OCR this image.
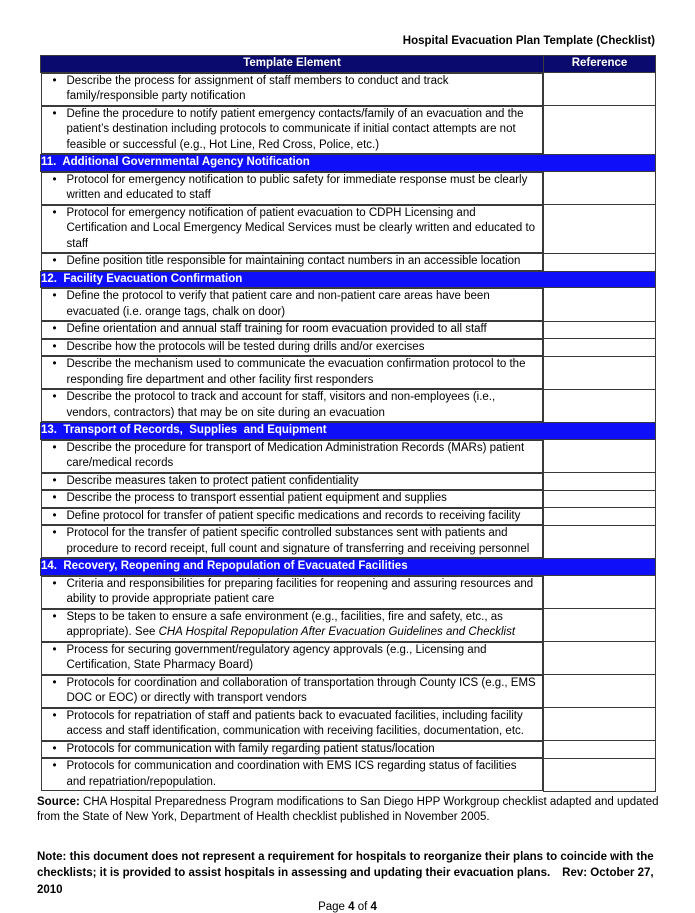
Hospital Evacuation Plan Template (Checklist)
Template Element	Reference

• Describe the process for assignment of staff members to conduct and track family/responsible party notification

• Define the procedure to notify patient emergency contacts/family of an evacuation and the patient’s destination including protocols to communicate if initial contact attempts are not feasible or successful (e.g., Hot Line, Red Cross, Police, etc.)

11.  Additional Governmental Agency Notification	

• Protocol for emergency notification to public safety for immediate response must be clearly written and educated to staff

• Protocol for emergency notification of patient evacuation to CDPH Licensing and Certification and Local Emergency Medical Services must be clearly written and educated to staff

• Define position title responsible for maintaining contact numbers in an accessible location

12.  Facility Evacuation Confirmation	

• Define the protocol to verify that patient care and non-patient care areas have been evacuated (i.e. orange tags, chalk on door)

• Define orientation and annual staff training for room evacuation provided to all staff

• Describe how the protocols will be tested during drills and/or exercises

• Describe the mechanism used to communicate the evacuation confirmation protocol to the responding fire department and other facility first responders

• Describe the protocol to track and account for staff, visitors and non-employees (i.e., vendors, contractors) that may be on site during an evacuation

13.  Transport of Records,  Supplies  and Equipment	

• Describe the procedure for transport of Medication Administration Records (MARs) patient care/medical records

• Describe measures taken to protect patient confidentiality

• Describe the process to transport essential patient equipment and supplies

• Define protocol for transfer of patient specific medications and records to receiving facility

• Protocol for the transfer of patient specific controlled substances sent with patients and procedure to record receipt, full count and signature of transferring and receiving personnel

14.  Recovery, Reopening and Repopulation of Evacuated Facilities	

• Criteria and responsibilities for preparing facilities for reopening and assuring resources and ability to provide appropriate patient care

• Steps to be taken to ensure a safe environment (e.g., facilities, fire and safety, etc., as appropriate). See CHA Hospital Repopulation After Evacuation Guidelines and Checklist

• Process for securing government/regulatory agency approvals (e.g., Licensing and Certification, State Pharmacy Board)

• Protocols for coordination and collaboration of transportation through County ICS (e.g., EMS DOC or EOC) or directly with transport vendors

• Protocols for repatriation of staff and patients back to evacuated facilities, including facility access and staff identification, communication with receiving facilities, documentation, etc.

• Protocols for communication with family regarding patient status/location

• Protocols for communication and coordination with EMS ICS regarding status of facilities and repatriation/repopulation.

Source: CHA Hospital Preparedness Program modifications to San Diego HPP Workgroup checklist adapted and updated from the State of New York, Department of Health checklist published in November 2005.

Note: this document does not represent a requirement for hospitals to reorganize their plans to coincide with the checklists; it is provided to assist hospitals in assessing and updating their evacuation plans. Rev: October 27, 2010

Page 4 of 4
